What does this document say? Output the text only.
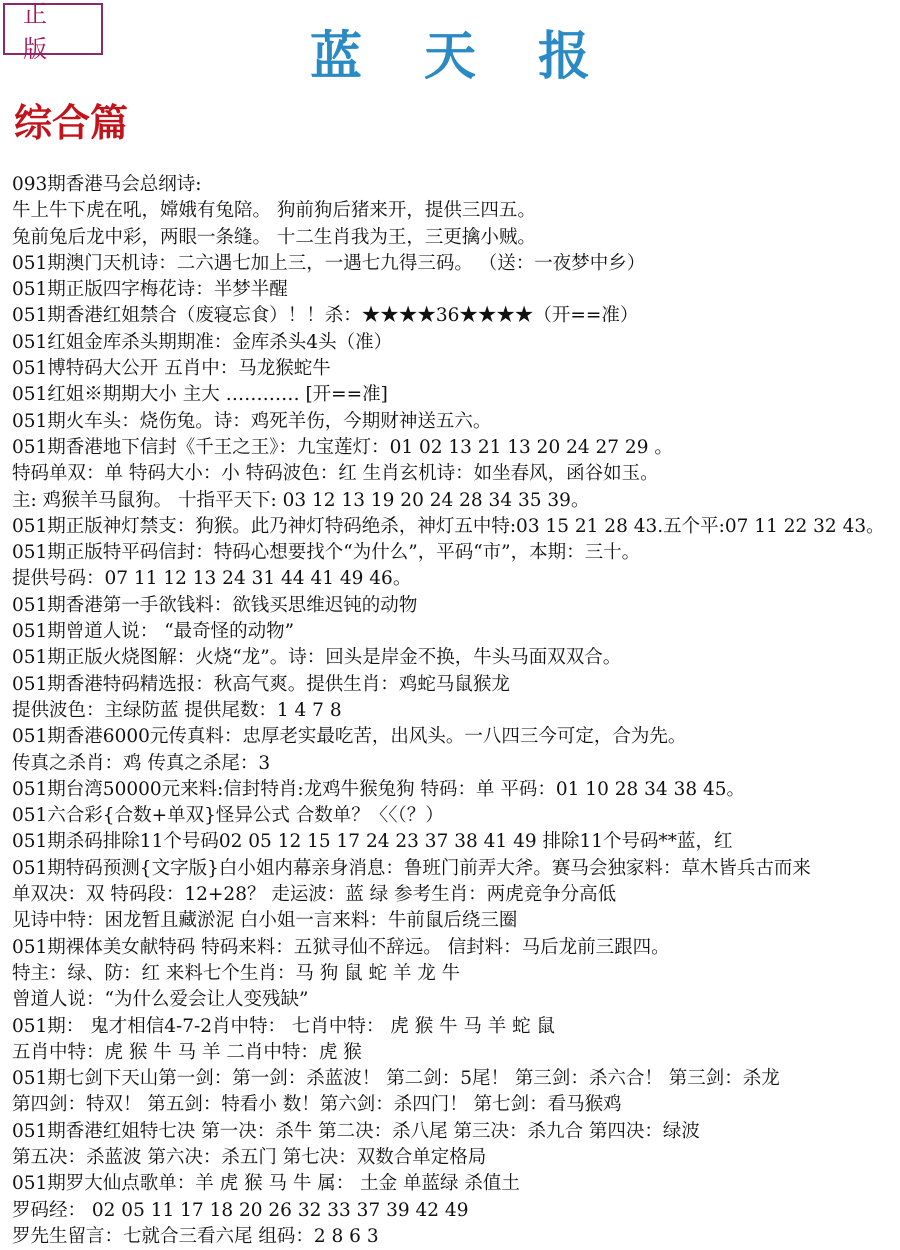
正 版	蓝天报
综合篇
093期香港马会总纲诗:
牛上牛下虎在吼，嫦娥有兔陪。 狗前狗后猪来开，提供三四五。
兔前兔后龙中彩，两眼一条缝。 十二生肖我为王，三更擒小贼。
051期澳门天机诗：二六遇七加上三，一遇七九得三码。 （送：一夜梦中乡）
051期正版四字梅花诗：半梦半醒
051期香港红姐禁合（废寝忘食）！！杀：★★★★36★★★★（开==准）
051红姐金库杀头期期准：金库杀头4头（准）
051博特码大公开 五肖中：马龙猴蛇牛
051红姐※期期大小 主大 ………… [开==准]
051期火车头：烧伤兔。诗：鸡死羊伤，今期财神送五六。
051期香港地下信封《千王之王》：九宝莲灯：01 02 13 21 13 20 24 27 29 。
特码单双：单 特码大小：小 特码波色：红 生肖玄机诗：如坐春风，函谷如玉。
主: 鸡猴羊马鼠狗。 十指平天下: 03 12 13 19 20 24 28 34 35 39。
051期正版神灯禁支：狗猴。此乃神灯特码绝杀，神灯五中特:03 15 21 28 43.五个平:07 11 22 32 43。
051期正版特平码信封：特码心想要找个“为什么”，平码“市”，本期：三十。
提供号码：07 11 12 13 24 31 44 41 49 46。
051期香港第一手欲钱料：欲钱买思维迟钝的动物
051期曾道人说： “最奇怪的动物”
051期正版火烧图解：火烧“龙”。诗：回头是岸金不换，牛头马面双双合。
051期香港特码精选报：秋高气爽。提供生肖：鸡蛇马鼠猴龙
提供波色：主绿防蓝 提供尾数：1 4 7 8
051期香港6000元传真料：忠厚老实最吃苦，出风头。一八四三今可定，合为先。
传真之杀肖：鸡 传真之杀尾：3
051期台湾50000元来料:信封特肖:龙鸡牛猴兔狗 特码：单 平码：01 10 28 34 38 45。
051六合彩{合数+单双}怪异公式 合数单？〈〈（？）
051期杀码排除11个号码02 05 12 15 17 24 23 37 38 41 49 排除11个号码**蓝，红
051期特码预测{文字版}白小姐内幕亲身消息：鲁班门前弄大斧。赛马会独家料：草木皆兵古而来
单双决：双 特码段：12+28？ 走运波：蓝 绿 参考生肖：两虎竞争分高低
见诗中特：困龙暂且藏淤泥 白小姐一言来料：牛前鼠后绕三圈
051期裸体美女献特码 特码来料：五狱寻仙不辞远。 信封料：马后龙前三跟四。
特主：绿、防：红 来料七个生肖：马 狗 鼠 蛇 羊 龙 牛
曾道人说：“为什么爱会让人变残缺”
051期： 鬼才相信4-7-2肖中特： 七肖中特： 虎 猴 牛 马 羊 蛇 鼠
五肖中特：虎 猴 牛 马 羊 二肖中特：虎 猴
051期七剑下天山第一剑：第一剑：杀蓝波！ 第二剑：5尾！ 第三剑：杀六合！ 第三剑：杀龙
第四剑：特双！ 第五剑：特看小 数！第六剑：杀四门！ 第七剑：看马猴鸡
051期香港红姐特七决 第一决：杀牛 第二决：杀八尾 第三决：杀九合 第四决：绿波
第五决：杀蓝波 第六决：杀五门 第七决：双数合单定格局
051期罗大仙点歌单：羊 虎 猴 马 牛 属： 土金 单蓝绿 杀值土
罗码经： 02 05 11 17 18 20 26 32 33 37 39 42 49
罗先生留言：七就合三看六尾 组码：2 8 6 3
